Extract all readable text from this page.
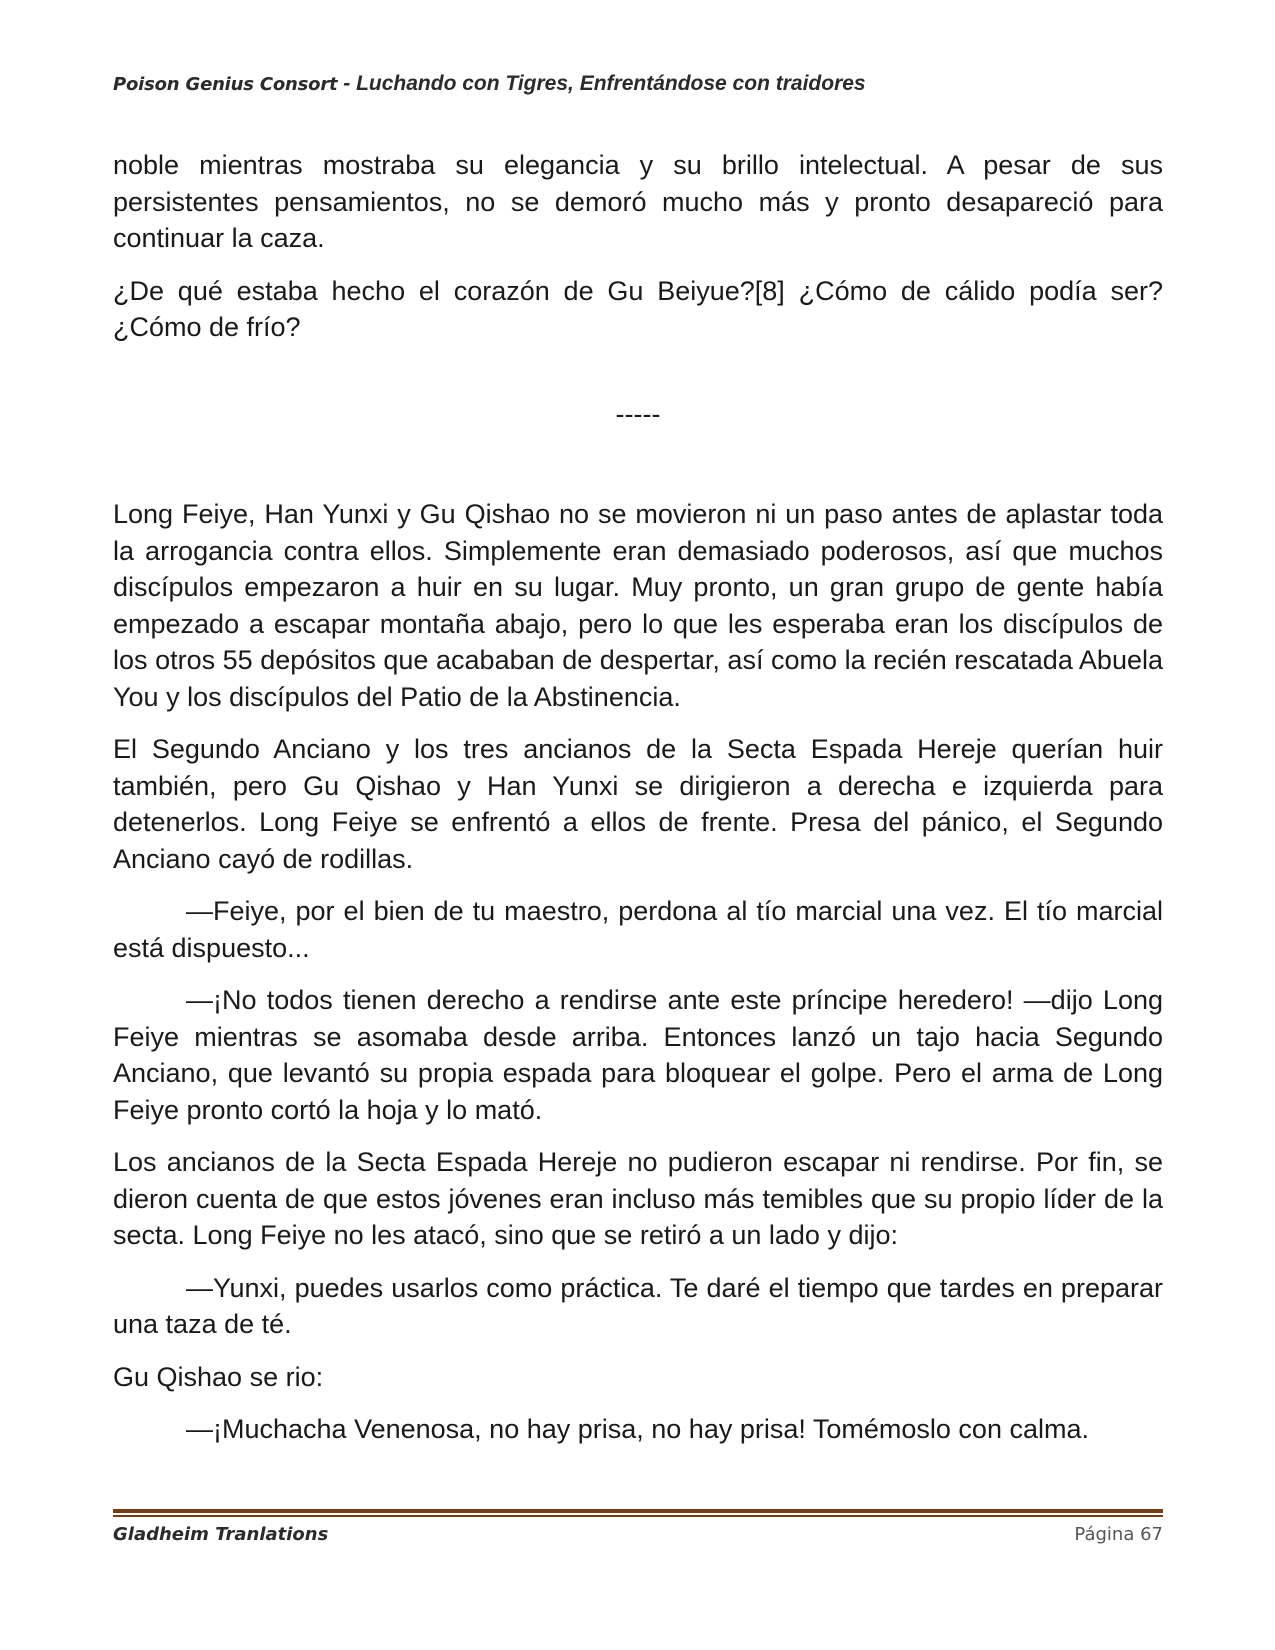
Poison Genius Consort - Luchando con Tigres, Enfrentándose con traidores

noble mientras mostraba su elegancia y su brillo intelectual. A pesar de sus persistentes pensamientos, no se demoró mucho más y pronto desapareció para continuar la caza.

¿De qué estaba hecho el corazón de Gu Beiyue?[8] ¿Cómo de cálido podía ser? ¿Cómo de frío?

-----

Long Feiye, Han Yunxi y Gu Qishao no se movieron ni un paso antes de aplastar toda la arrogancia contra ellos. Simplemente eran demasiado poderosos, así que muchos discípulos empezaron a huir en su lugar. Muy pronto, un gran grupo de gente había empezado a escapar montaña abajo, pero lo que les esperaba eran los discípulos de los otros 55 depósitos que acababan de despertar, así como la recién rescatada Abuela You y los discípulos del Patio de la Abstinencia.

El Segundo Anciano y los tres ancianos de la Secta Espada Hereje querían huir también, pero Gu Qishao y Han Yunxi se dirigieron a derecha e izquierda para detenerlos. Long Feiye se enfrentó a ellos de frente. Presa del pánico, el Segundo Anciano cayó de rodillas.

—Feiye, por el bien de tu maestro, perdona al tío marcial una vez. El tío marcial está dispuesto...

—¡No todos tienen derecho a rendirse ante este príncipe heredero! —dijo Long Feiye mientras se asomaba desde arriba. Entonces lanzó un tajo hacia Segundo Anciano, que levantó su propia espada para bloquear el golpe. Pero el arma de Long Feiye pronto cortó la hoja y lo mató.

Los ancianos de la Secta Espada Hereje no pudieron escapar ni rendirse. Por fin, se dieron cuenta de que estos jóvenes eran incluso más temibles que su propio líder de la secta. Long Feiye no les atacó, sino que se retiró a un lado y dijo:

—Yunxi, puedes usarlos como práctica. Te daré el tiempo que tardes en preparar una taza de té.

Gu Qishao se rio:

—¡Muchacha Venenosa, no hay prisa, no hay prisa! Tomémoslo con calma.

Gladheim Tranlations	Página 67
